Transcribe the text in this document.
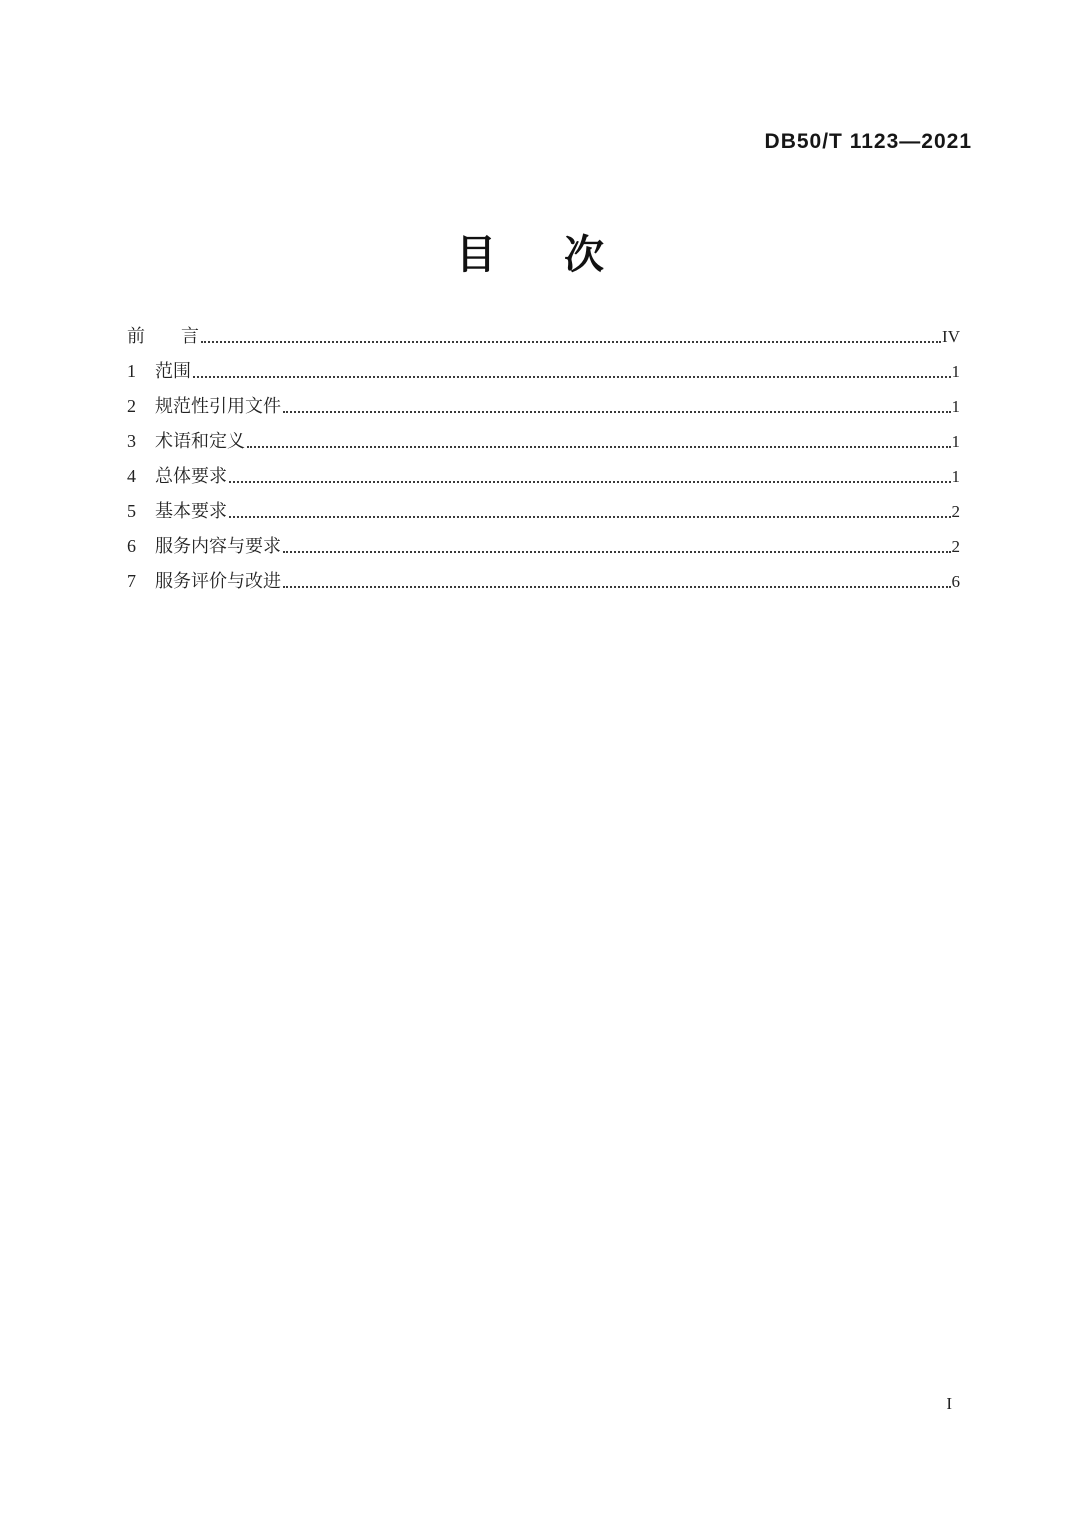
DB50/T 1123—2021
目　次
前　　言	IV
1	范围	1
2	规范性引用文件	1
3	术语和定义	1
4	总体要求	1
5	基本要求	2
6	服务内容与要求	2
7	服务评价与改进	6
I
